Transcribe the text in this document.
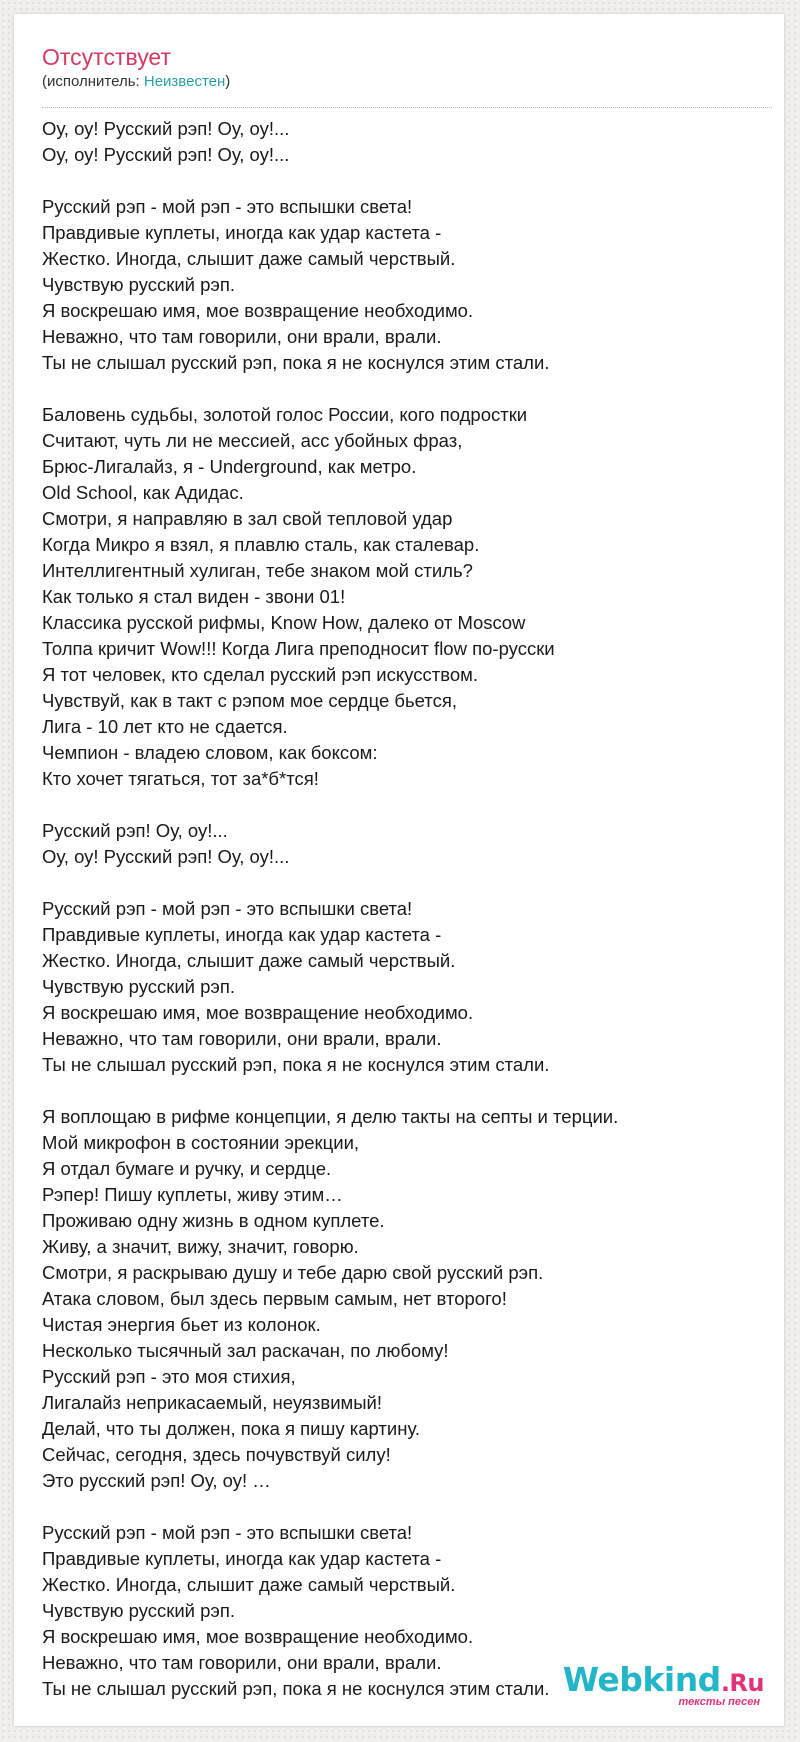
Отсутствует
(исполнитель: Неизвестен)
Оу, оу! Русский рэп! Оу, оу!...
Оу, оу! Русский рэп! Оу, оу!...
Русский рэп - мой рэп - это вспышки света!
Правдивые куплеты, иногда как удар кастета -
Жестко. Иногда, слышит даже самый черствый.
Чувствую русский рэп.
Я воскрешаю имя, мое возвращение необходимо.
Неважно, что там говорили, они врали, врали.
Ты не слышал русский рэп, пока я не коснулся этим стали.
Баловень судьбы, золотой голос России, кого подростки
Считают, чуть ли не мессией, асс убойных фраз,
Брюс-Лигалайз, я - Underground, как метро.
Old School, как Адидас.
Смотри, я направляю в зал свой тепловой удар
Когда Микро я взял, я плавлю сталь, как сталевар.
Интеллигентный хулиган, тебе знаком мой стиль?
Как только я стал виден - звони 01!
Классика русской рифмы, Know How, далеко от Moscow
Толпа кричит Wow!!! Когда Лига преподносит flow по-русски
Я тот человек, кто сделал русский рэп искусством.
Чувствуй, как в такт с рэпом мое сердце бьется,
Лига - 10 лет кто не сдается.
Чемпион - владею словом, как боксом:
Кто хочет тягаться, тот за*б*тся!
Русский рэп! Оу, оу!...
Оу, оу! Русский рэп! Оу, оу!...
Русский рэп - мой рэп - это вспышки света!
Правдивые куплеты, иногда как удар кастета -
Жестко. Иногда, слышит даже самый черствый.
Чувствую русский рэп.
Я воскрешаю имя, мое возвращение необходимо.
Неважно, что там говорили, они врали, врали.
Ты не слышал русский рэп, пока я не коснулся этим стали.
Я воплощаю в рифме концепции, я делю такты на септы и терции.
Мой микрофон в состоянии эрекции,
Я отдал бумаге и ручку, и сердце.
Рэпер! Пишу куплеты, живу этим…
Проживаю одну жизнь в одном куплете.
Живу, а значит, вижу, значит, говорю.
Смотри, я раскрываю душу и тебе дарю свой русский рэп.
Атака словом, был здесь первым самым, нет второго!
Чистая энергия бьет из колонок.
Несколько тысячный зал раскачан, по любому!
Русский рэп - это моя стихия,
Лигалайз неприкасаемый, неуязвимый!
Делай, что ты должен, пока я пишу картину.
Сейчас, сегодня, здесь почувствуй силу!
Это русский рэп! Оу, оу! …
Русский рэп - мой рэп - это вспышки света!
Правдивые куплеты, иногда как удар кастета -
Жестко. Иногда, слышит даже самый черствый.
Чувствую русский рэп.
Я воскрешаю имя, мое возвращение необходимо.
Неважно, что там говорили, они врали, врали.
Ты не слышал русский рэп, пока я не коснулся этим стали. Webkind.Ru
тексты песен
